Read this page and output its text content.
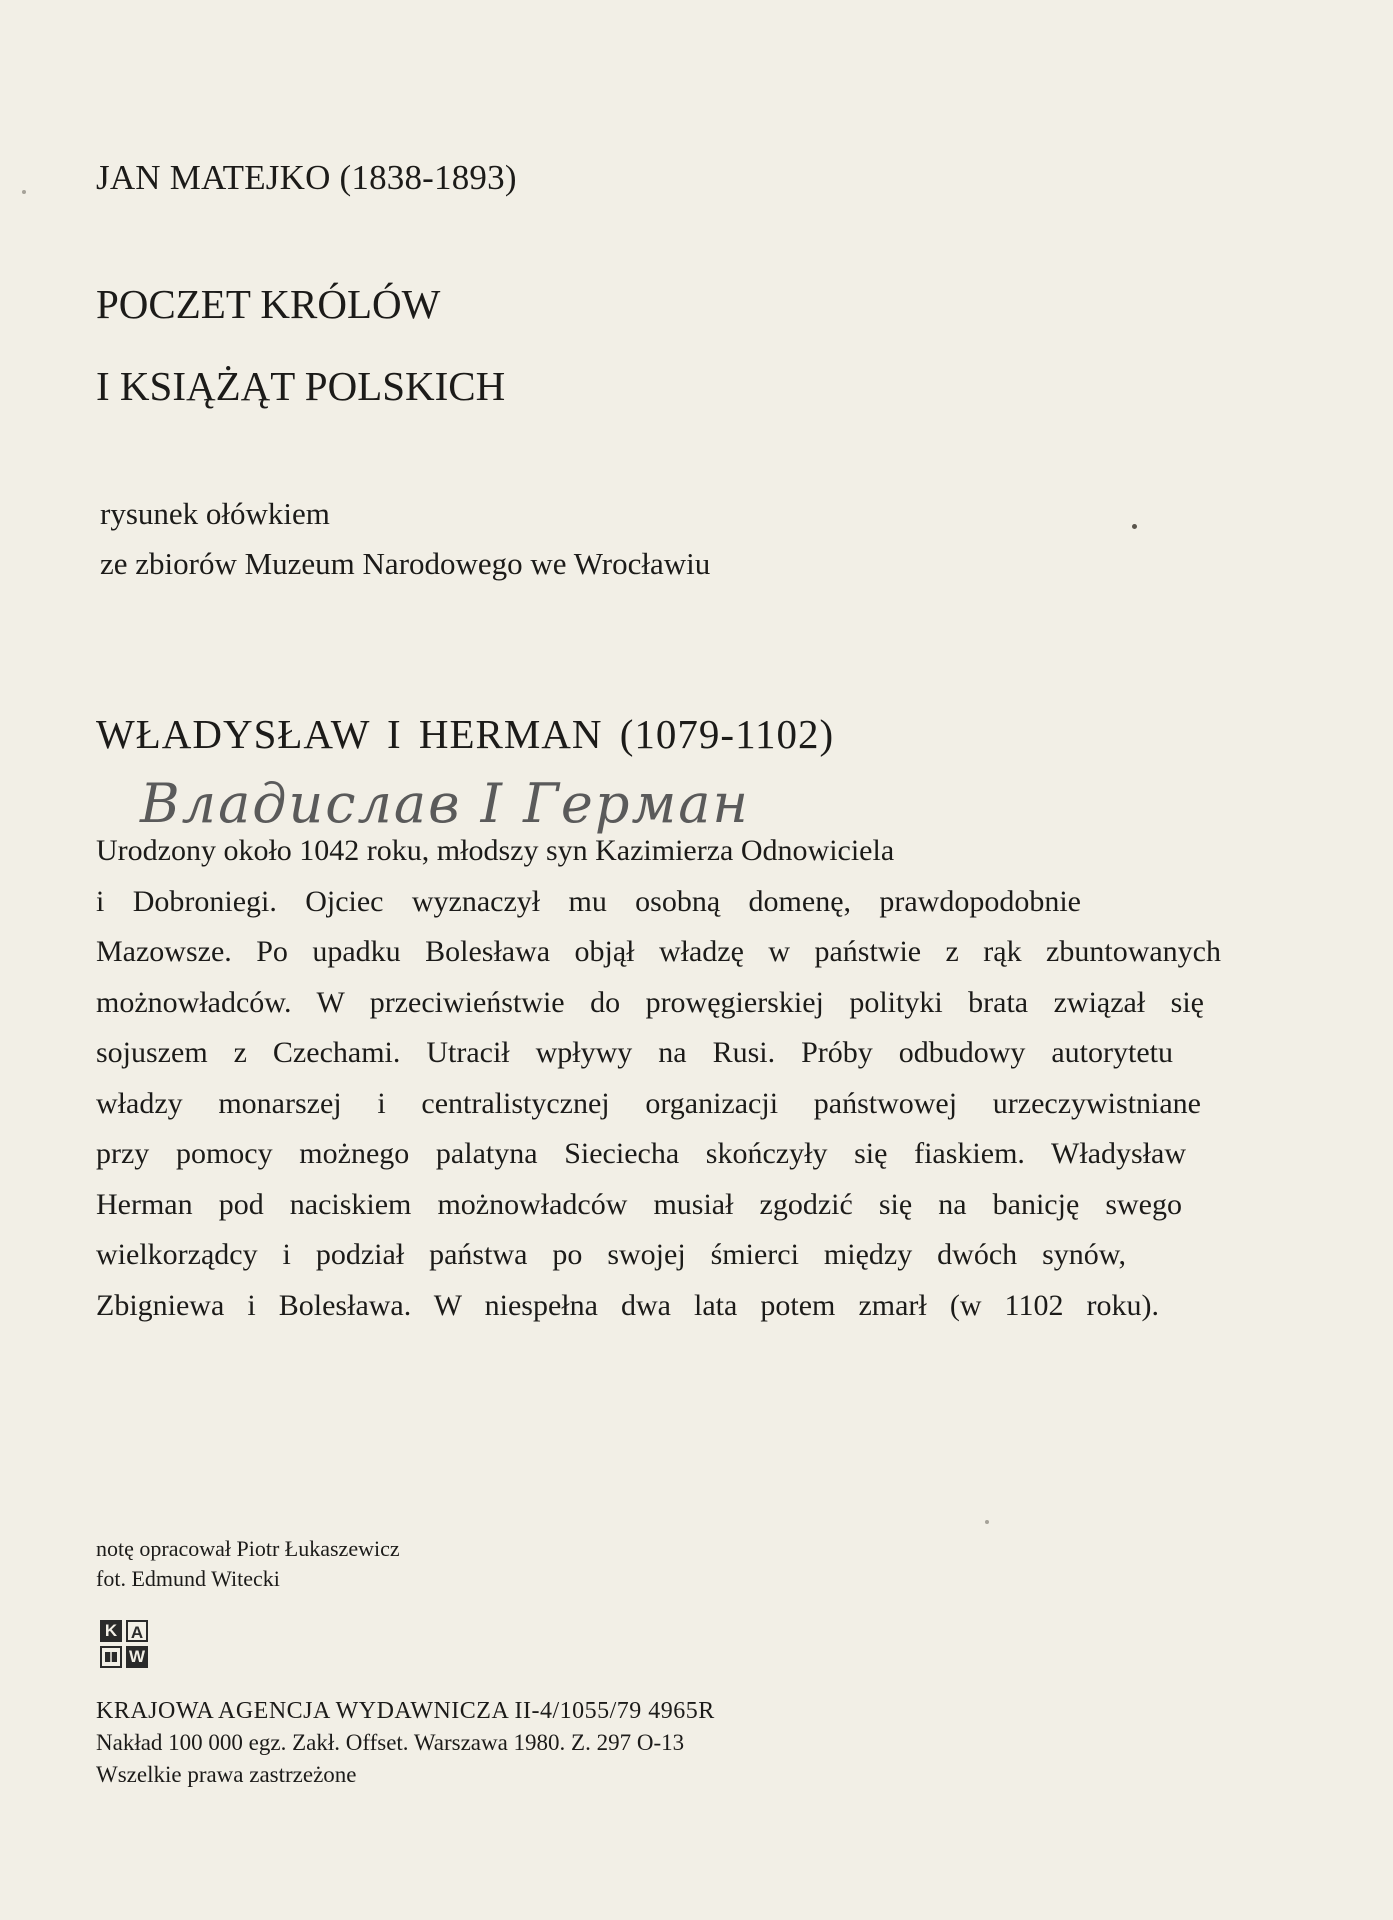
JAN MATEJKO (1838-1893)
POCZET KRÓLÓW
I KSIĄŻĄT POLSKICH
rysunek ołówkiem
ze zbiorów Muzeum Narodowego we Wrocławiu
WŁADYSŁAW I HERMAN (1079-1102)
Владислав I Герман
Urodzony około 1042 roku, młodszy syn Kazimierza Odnowiciela
i Dobroniegi. Ojciec wyznaczył mu osobną domenę, prawdopodobnie
Mazowsze. Po upadku Bolesława objął władzę w państwie z rąk zbuntowanych
możnowładców. W przeciwieństwie do prowęgierskiej polityki brata związał się
sojuszem z Czechami. Utracił wpływy na Rusi. Próby odbudowy autorytetu
władzy monarszej i centralistycznej organizacji państwowej urzeczywistniane
przy pomocy możnego palatyna Sieciecha skończyły się fiaskiem. Władysław
Herman pod naciskiem możnowładców musiał zgodzić się na banicję swego
wielkorządcy i podział państwa po swojej śmierci między dwóch synów,
Zbigniewa i Bolesława. W niespełna dwa lata potem zmarł (w 1102 roku).
notę opracował Piotr Łukaszewicz
fot. Edmund Witecki
K A
W
KRAJOWA AGENCJA WYDAWNICZA II-4/1055/79 4965R
Nakład 100 000 egz. Zakł. Offset. Warszawa 1980. Z. 297 O-13
Wszelkie prawa zastrzeżone
